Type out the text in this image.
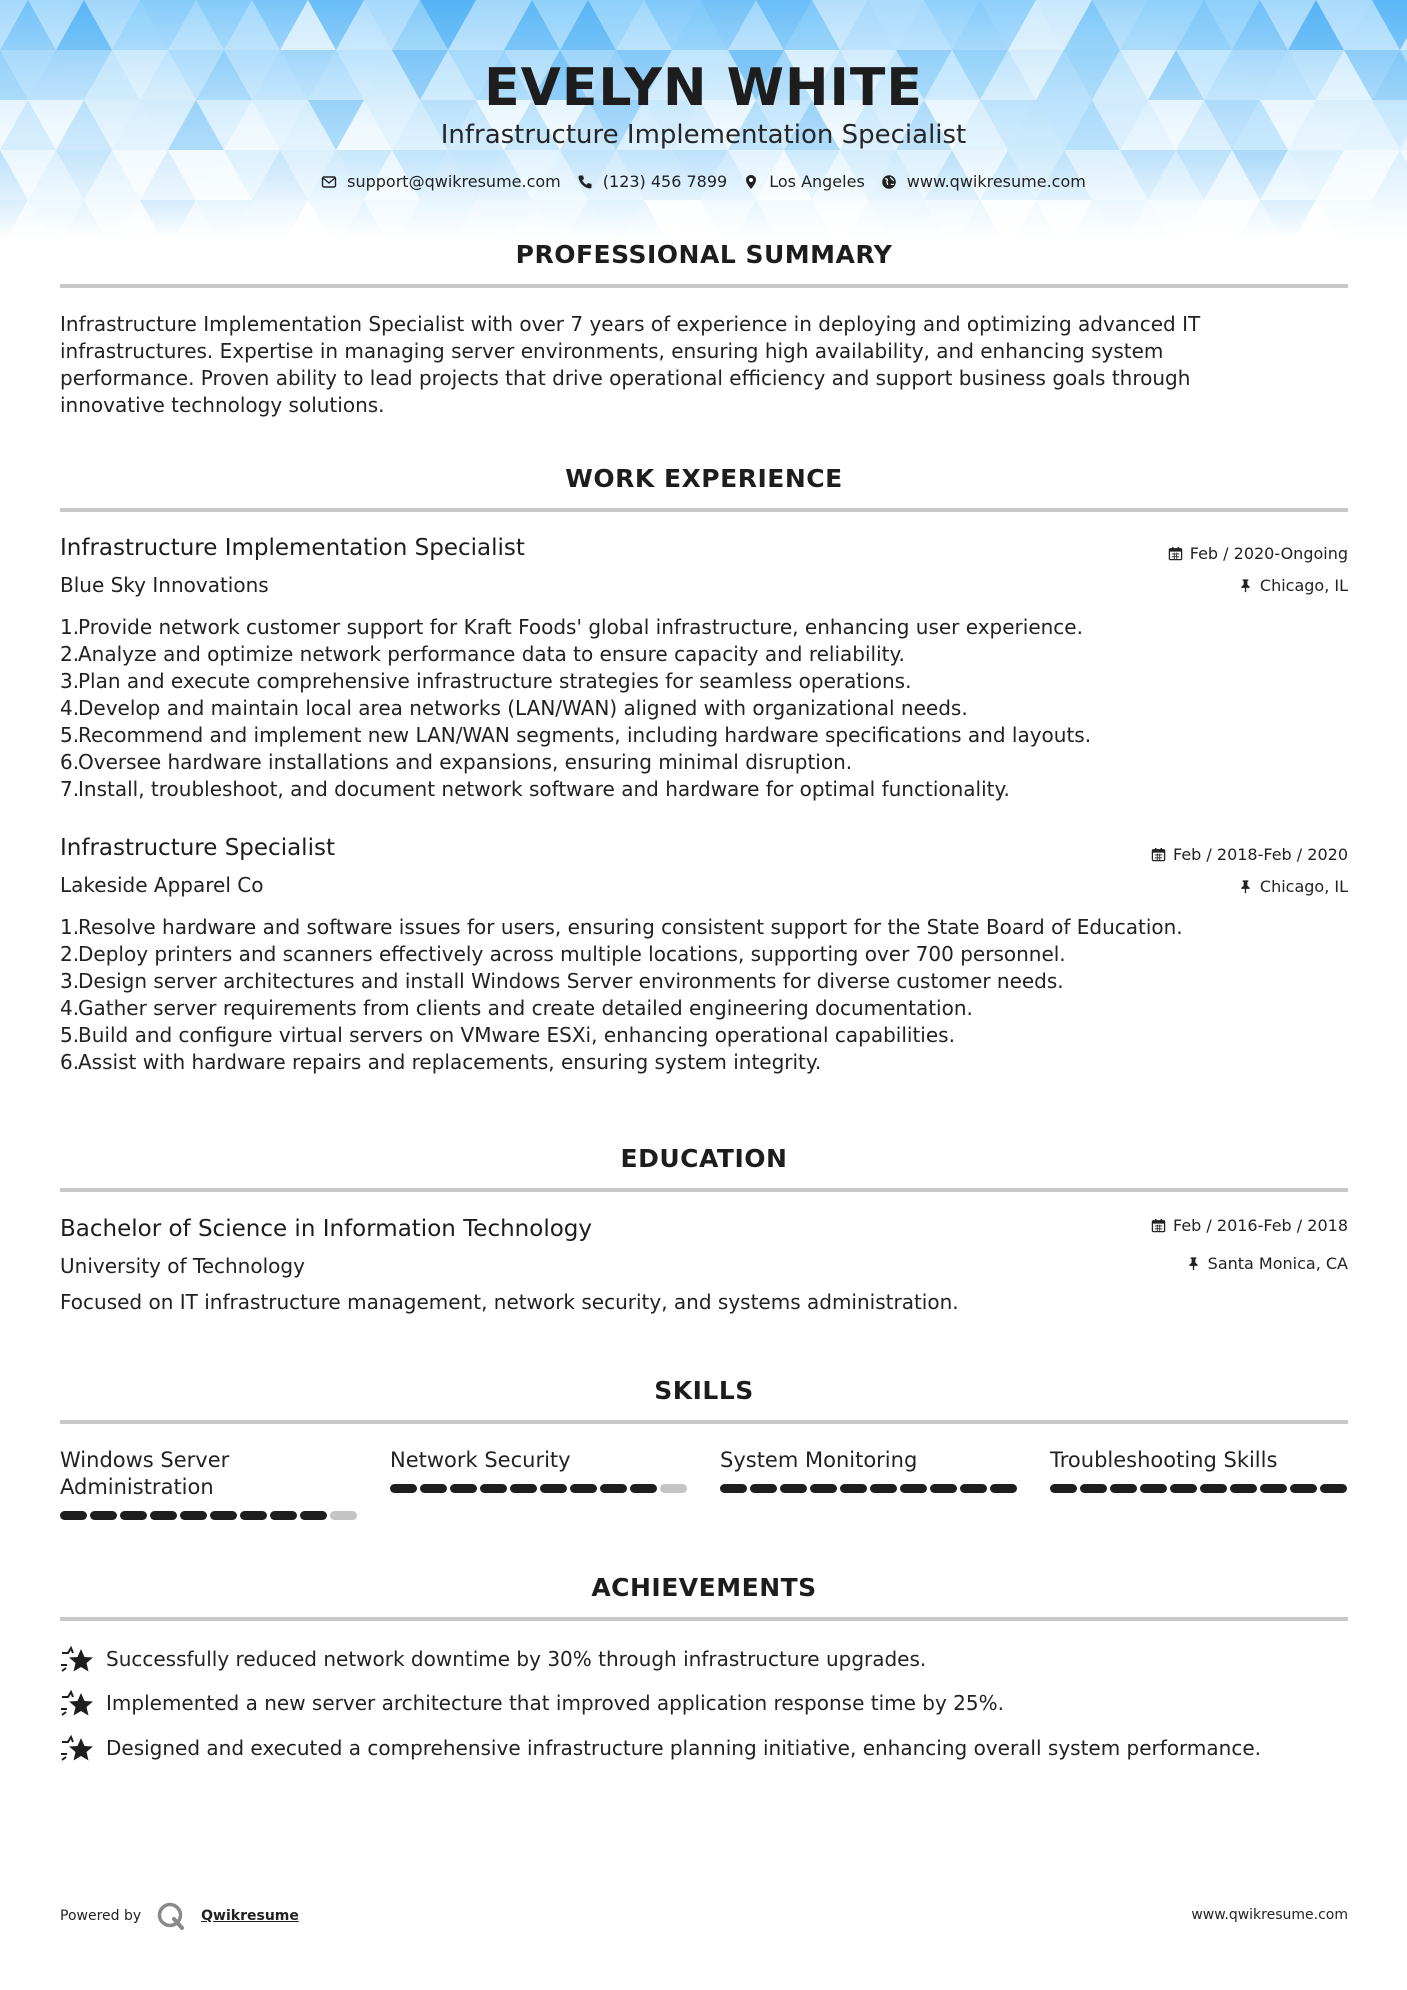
EVELYN WHITE
Infrastructure Implementation Specialist
support@qwikresume.com	(123) 456 7899	Los Angeles	www.qwikresume.com
PROFESSIONAL SUMMARY
Infrastructure Implementation Specialist with over 7 years of experience in deploying and optimizing advanced IT infrastructures. Expertise in managing server environments, ensuring high availability, and enhancing system performance. Proven ability to lead projects that drive operational efficiency and support business goals through innovative technology solutions.
WORK EXPERIENCE
Infrastructure Implementation Specialist	Feb / 2020-Ongoing
Blue Sky Innovations	Chicago, IL
1.
Provide network customer support for Kraft Foods' global infrastructure, enhancing user experience.
2.
Analyze and optimize network performance data to ensure capacity and reliability.
3.
Plan and execute comprehensive infrastructure strategies for seamless operations.
4.
Develop and maintain local area networks (LAN/WAN) aligned with organizational needs.
5.
Recommend and implement new LAN/WAN segments, including hardware specifications and layouts.
6.
Oversee hardware installations and expansions, ensuring minimal disruption.
7.
Install, troubleshoot, and document network software and hardware for optimal functionality.
Infrastructure Specialist	Feb / 2018-Feb / 2020
Lakeside Apparel Co	Chicago, IL
1.
Resolve hardware and software issues for users, ensuring consistent support for the State Board of Education.
2.
Deploy printers and scanners effectively across multiple locations, supporting over 700 personnel.
3.
Design server architectures and install Windows Server environments for diverse customer needs.
4.
Gather server requirements from clients and create detailed engineering documentation.
5.
Build and configure virtual servers on VMware ESXi, enhancing operational capabilities.
6.
Assist with hardware repairs and replacements, ensuring system integrity.
EDUCATION
Bachelor of Science in Information Technology	Feb / 2016-Feb / 2018
University of Technology	Santa Monica, CA
Focused on IT infrastructure management, network security, and systems administration.
SKILLS
Windows Server Administration
Network Security	System Monitoring	Troubleshooting Skills
ACHIEVEMENTS
Successfully reduced network downtime by 30% through infrastructure upgrades.
Implemented a new server architecture that improved application response time by 25%.
Designed and executed a comprehensive infrastructure planning initiative, enhancing overall system performance.
Powered by	Qwikresume	www.qwikresume.com
